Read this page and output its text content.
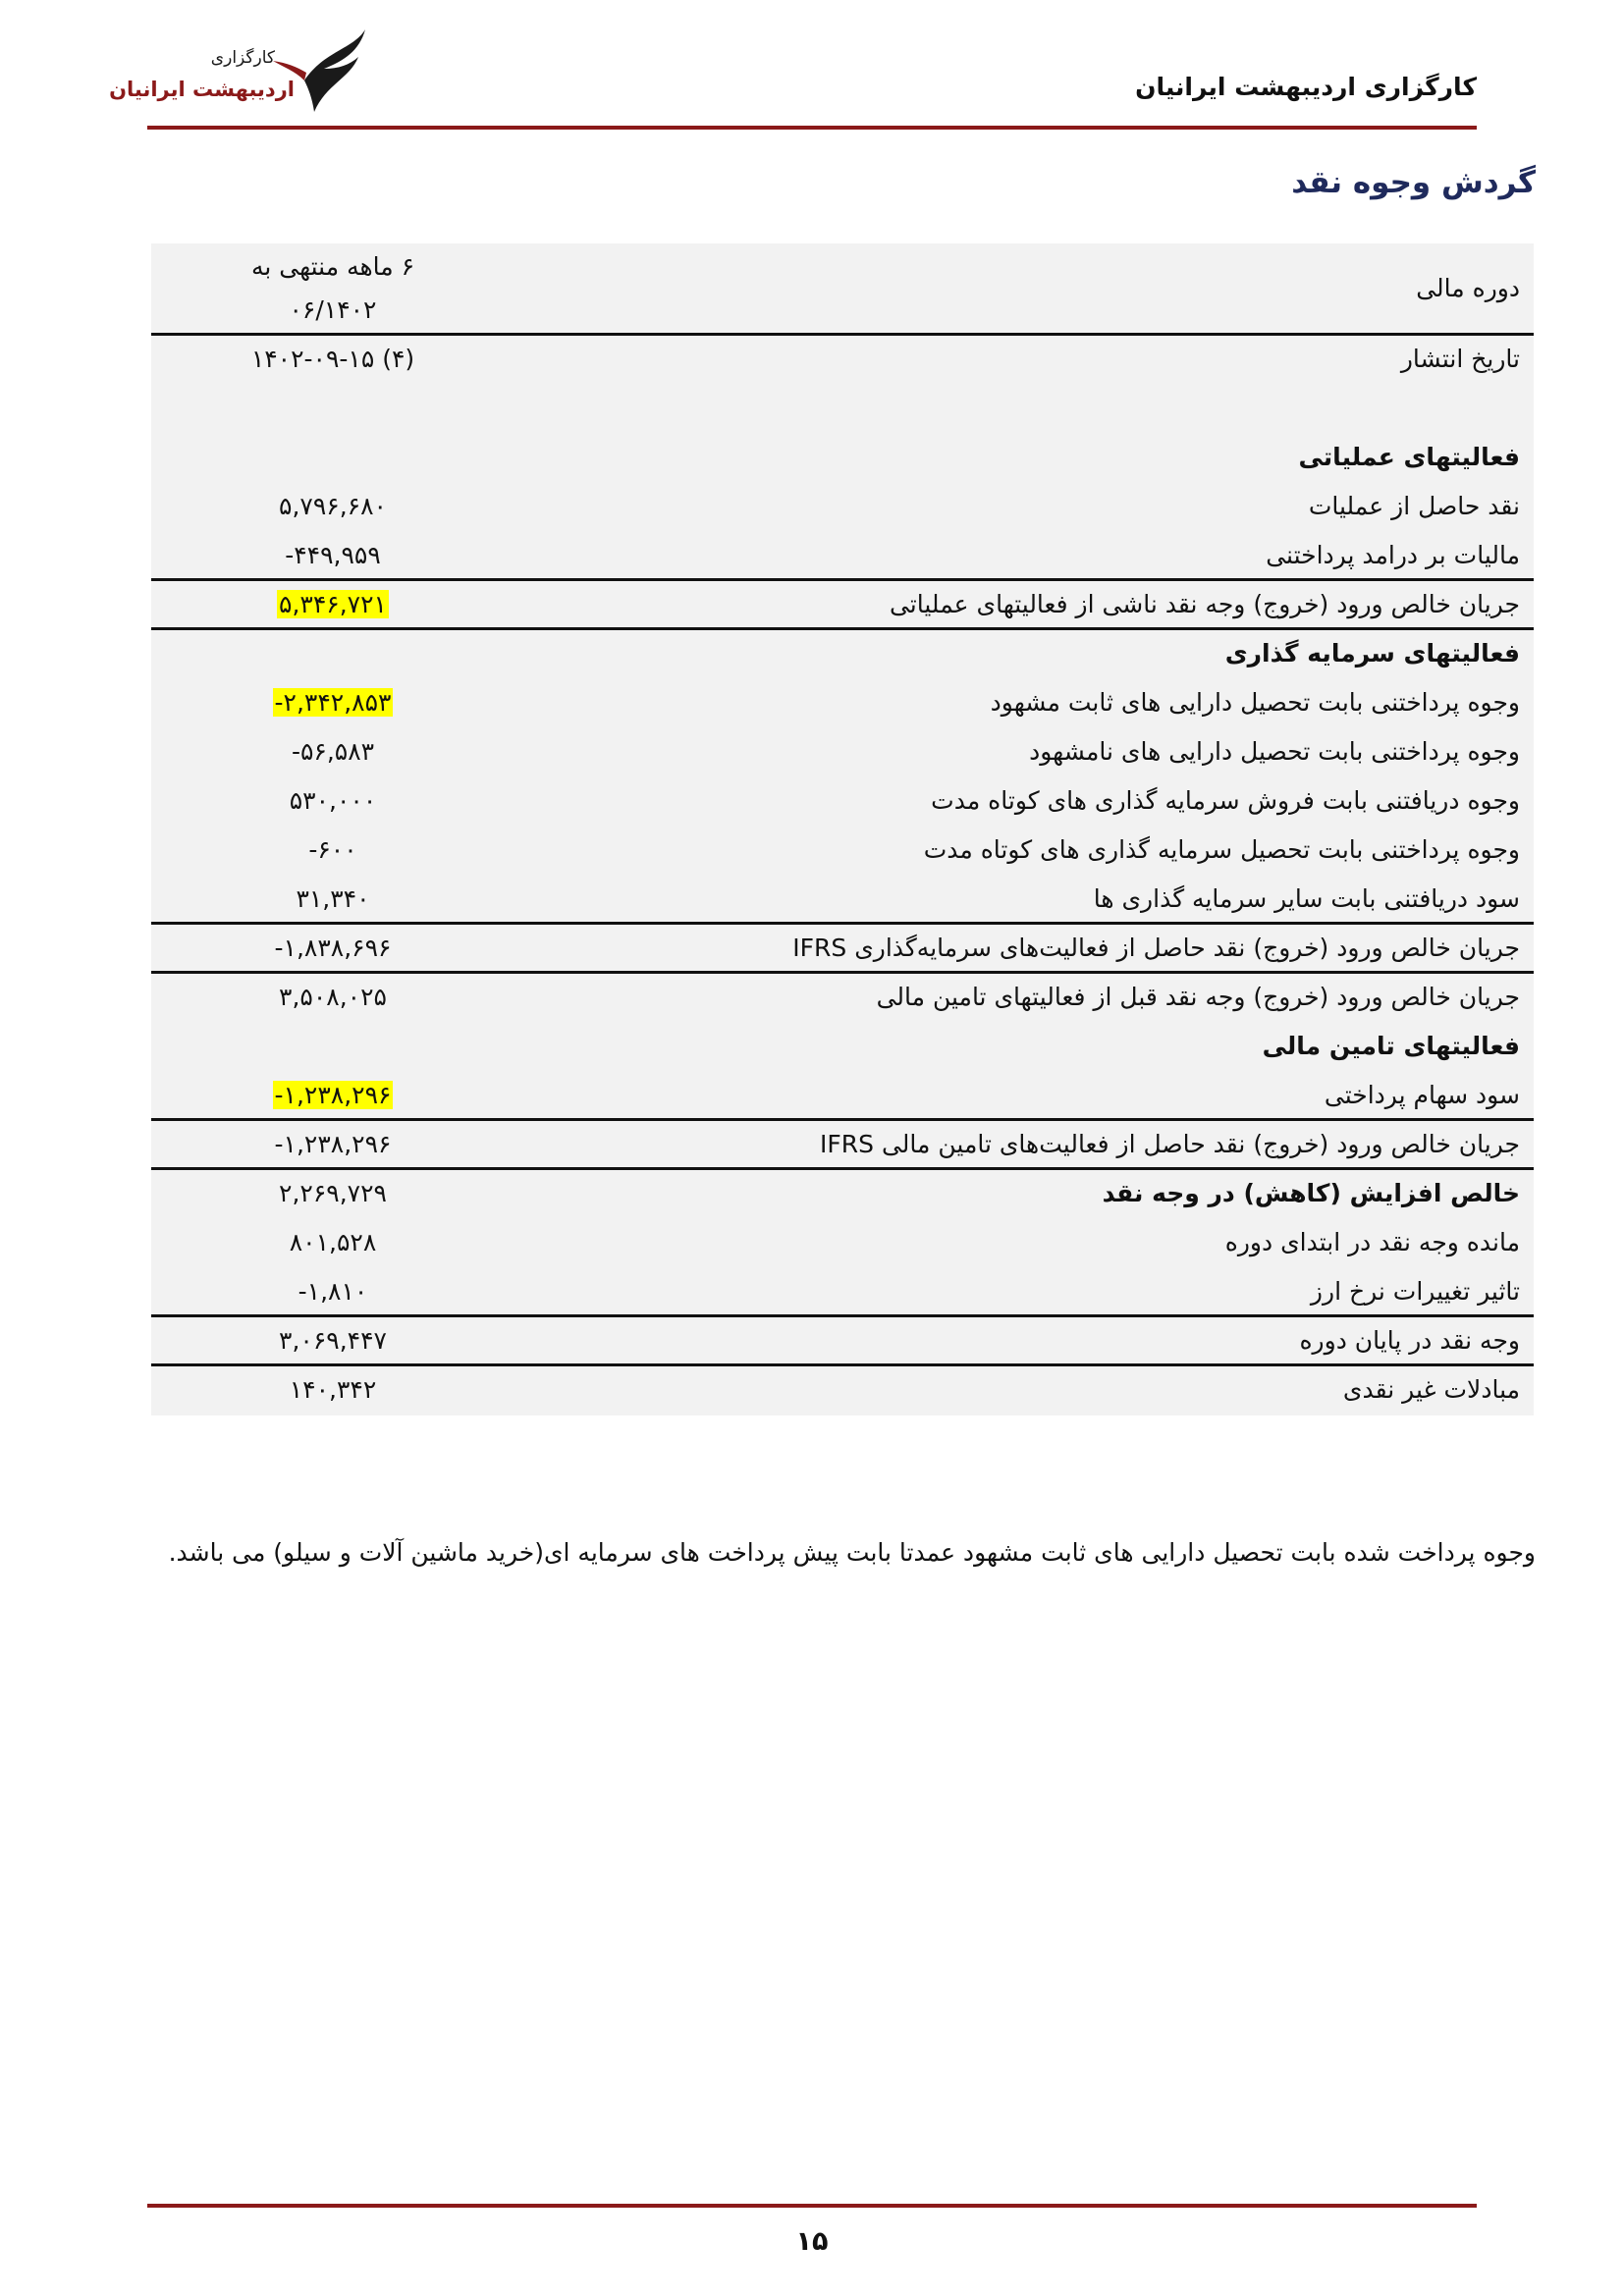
کارگزاری
اردیبهشت ایرانیان	کارگزاری اردیبهشت ایرانیان
گردش وجوه نقد
دوره مالی
۶ ماهه منتهی به
۰۶/۱۴۰۲
تاریخ انتشار
۱۴۰۲-۰۹-۱۵ (۴)
فعالیتهای عملیاتی
نقد حاصل از عملیات
۵,۷۹۶,۶۸۰
مالیات بر درامد پرداختنی
-۴۴۹,۹۵۹
جریان خالص ورود (خروج) وجه نقد ناشی از فعالیتهای عملیاتی
۵,۳۴۶,۷۲۱
فعالیتهای سرمایه گذاری
وجوه پرداختنی بابت تحصیل دارایی های ثابت مشهود
-۲,۳۴۲,۸۵۳
وجوه پرداختنی بابت تحصیل دارایی های نامشهود
-۵۶,۵۸۳
وجوه دریافتنی بابت فروش سرمایه گذاری های کوتاه مدت
۵۳۰,۰۰۰
وجوه پرداختنی بابت تحصیل سرمایه گذاری های کوتاه مدت
-۶۰۰
سود دریافتنی بابت سایر سرمایه گذاری ها
۳۱,۳۴۰
جریان خالص ورود (خروج) نقد حاصل از فعالیت‌های سرمایه‌گذاری IFRS
-۱,۸۳۸,۶۹۶
جریان خالص ورود (خروج) وجه نقد قبل از فعالیتهای تامین مالی
۳,۵۰۸,۰۲۵
فعالیتهای تامین مالی
سود سهام پرداختی
-۱,۲۳۸,۲۹۶
جریان خالص ورود (خروج) نقد حاصل از فعالیت‌های تامین مالی IFRS
-۱,۲۳۸,۲۹۶
خالص افزایش (کاهش) در وجه نقد
۲,۲۶۹,۷۲۹
مانده وجه نقد در ابتدای دوره
۸۰۱,۵۲۸
تاثیر تغییرات نرخ ارز
-۱,۸۱۰
وجه نقد در پایان دوره
۳,۰۶۹,۴۴۷
مبادلات غیر نقدی
۱۴۰,۳۴۲
وجوه پرداخت شده بابت تحصیل دارایی های ثابت مشهود عمدتا بابت پیش پرداخت های سرمایه ای(خرید ماشین آلات و سیلو) می باشد.
۱۵
